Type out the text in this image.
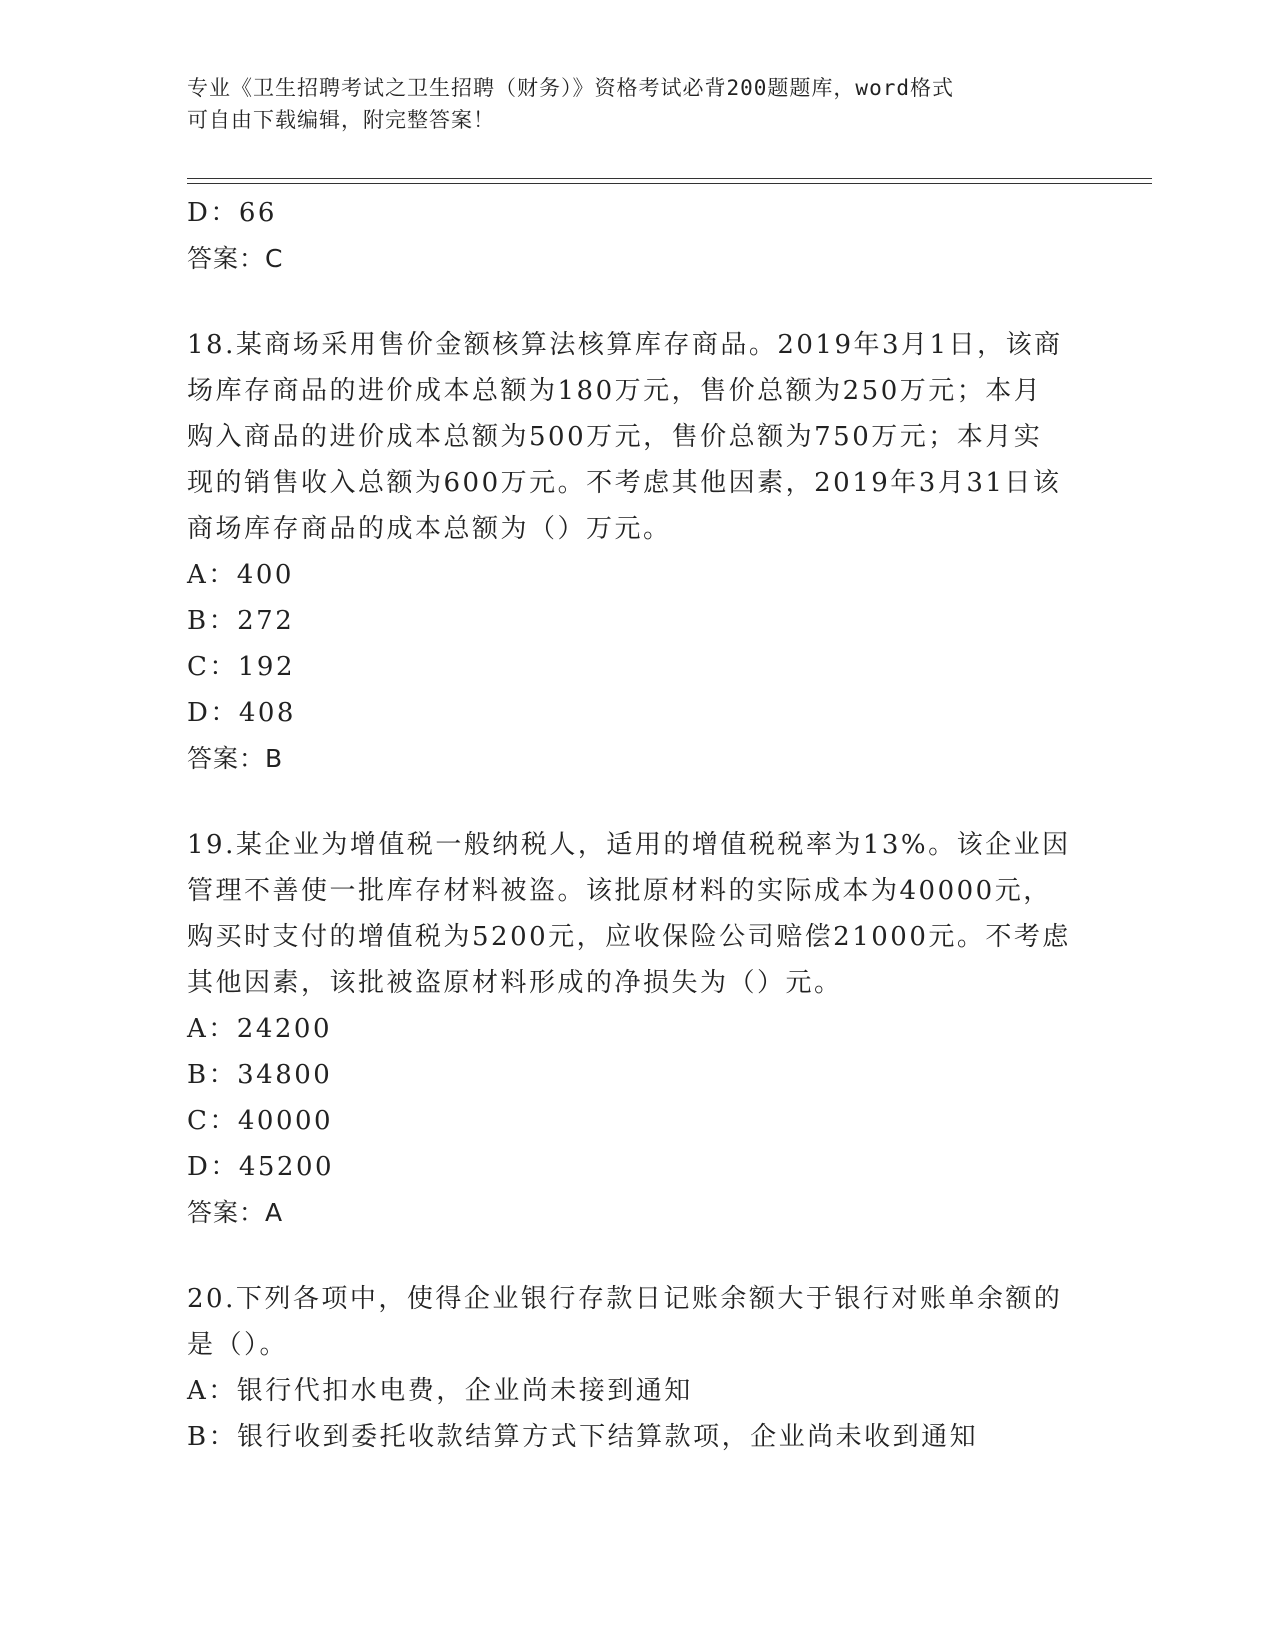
专业《卫生招聘考试之卫生招聘（财务）》资格考试必背200题题库，word格式
可自由下载编辑，附完整答案！
D：66
答案：C
18.某商场采用售价金额核算法核算库存商品。2019年3月1日，该商
场库存商品的进价成本总额为180万元，售价总额为250万元；本月
购入商品的进价成本总额为500万元，售价总额为750万元；本月实
现的销售收入总额为600万元。不考虑其他因素，2019年3月31日该
商场库存商品的成本总额为（）万元。
A：400
B：272
C：192
D：408
答案：B
19.某企业为增值税一般纳税人，适用的增值税税率为13%。该企业因
管理不善使一批库存材料被盗。该批原材料的实际成本为40000元，
购买时支付的增值税为5200元，应收保险公司赔偿21000元。不考虑
其他因素，该批被盗原材料形成的净损失为（）元。
A：24200
B：34800
C：40000
D：45200
答案：A
20.下列各项中，使得企业银行存款日记账余额大于银行对账单余额的
是（）。
A：银行代扣水电费，企业尚未接到通知
B：银行收到委托收款结算方式下结算款项，企业尚未收到通知
